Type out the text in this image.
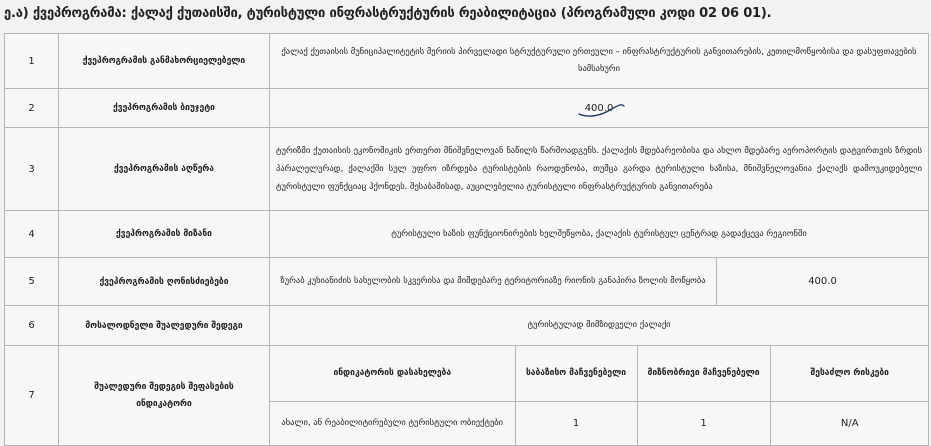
ე.ა) ქვეპროგრამა: ქალაქ ქუთაისში, ტურისტული ინფრასტრუქტურის რეაბილიტაცია (პროგრამული კოდი 02 06 01).
1	ქვეპროგრამის განმახორციელებელი	ქალაქ ქუთაისის მუნიციპალიტეტის მერიის პირველადი სტრუქტურული ერთეული – ინფრასტრუქტურის განვითარების, კეთილმოწყობისა და დასუფთავების სამსახური
2	ქვეპროგრამის ბიუჯეტი	400.0
3	ქვეპროგრამის აღწერა	ტურიზმი ქუთაისის ეკონომიკის ერთერთ მნიშვნელოვან ნაწილს წარმოადგენს. ქალაქის მდებარეობისა და ახლო მდებარე აეროპორტის დატვირთვის ზრდის პარალელურად, ქალაქში სულ უფრო იზრდება ტურისტების რაოდენობა, თუმცა გარდა ტურისტული ხაზისა, მნიშვნელოვანია ქალაქს დამოუკიდებელი ტურისტული ფუნქციაც ჰქონდეს. შესაბამისად, აუცილებელია ტურისტული ინფრასტრუქტურის განვითარება
4	ქვეპროგრამის მიზანი	ტურისტული ხაზის ფუნქციონირების ხელშეწყობა, ქალაქის ტურისტულ ცენტრად გადაქცევა რეგიონში
5	ქვეპროგრამის ღონისძიებები	ზურაბ კუხიანიძის სახელობის სკვერისა და მიმდებარე ტერიტორიაზე რიონის განაპირა ზოლის მოწყობა	400.0
6	მოსალოდნელი შუალედური შედეგი	ტურისტულად მიმზიდველი ქალაქი
7	შუალედური შედეგის შეფასების ინდიკატორი	
ინდიკატორის დასახელება	საბაზისო მაჩვენებელი	მიზნობრივი მაჩვენებელი	შესაძლო რისკები
ახალი, ან რეაბილიტირებული ტურისტული ობიექტები	1	1	N/A
